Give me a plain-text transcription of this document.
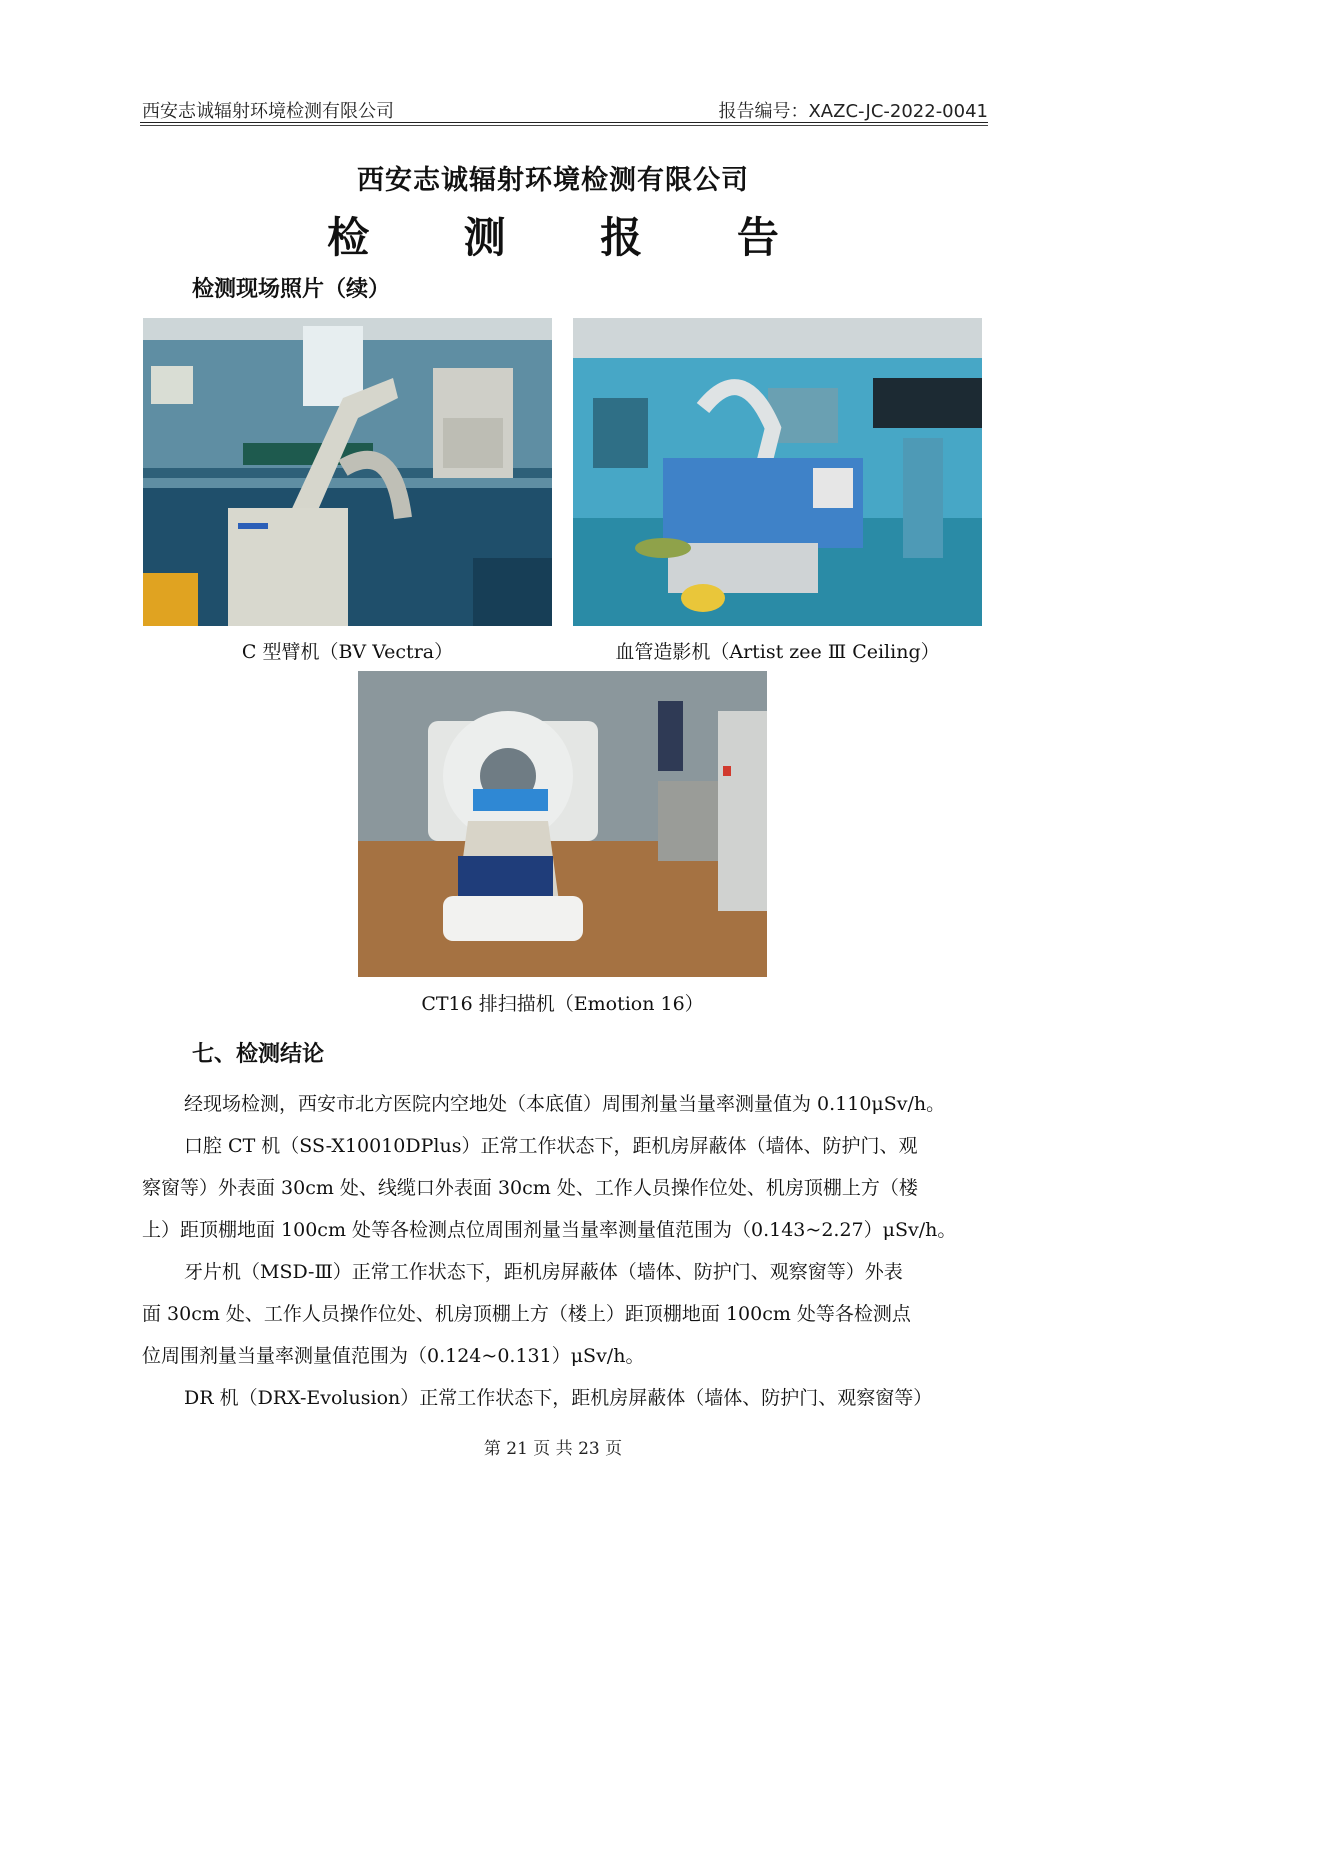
西安志诚辐射环境检测有限公司	报告编号：XAZC-JC-2022-0041
西安志诚辐射环境检测有限公司
检 测 报 告
检测现场照片（续）
C 型臂机（BV Vectra）	血管造影机（Artist zee Ⅲ Ceiling）
CT16 排扫描机（Emotion 16）
七、检测结论
经现场检测，西安市北方医院内空地处（本底值）周围剂量当量率测量值为 0.110μSv/h。
口腔 CT 机（SS-X10010DPlus）正常工作状态下，距机房屏蔽体（墙体、防护门、观
察窗等）外表面 30cm 处、线缆口外表面 30cm 处、工作人员操作位处、机房顶棚上方（楼
上）距顶棚地面 100cm 处等各检测点位周围剂量当量率测量值范围为（0.143~2.27）μSv/h。
牙片机（MSD-Ⅲ）正常工作状态下，距机房屏蔽体（墙体、防护门、观察窗等）外表
面 30cm 处、工作人员操作位处、机房顶棚上方（楼上）距顶棚地面 100cm 处等各检测点
位周围剂量当量率测量值范围为（0.124~0.131）μSv/h。
DR 机（DRX-Evolusion）正常工作状态下，距机房屏蔽体（墙体、防护门、观察窗等）
第 21 页 共 23 页
